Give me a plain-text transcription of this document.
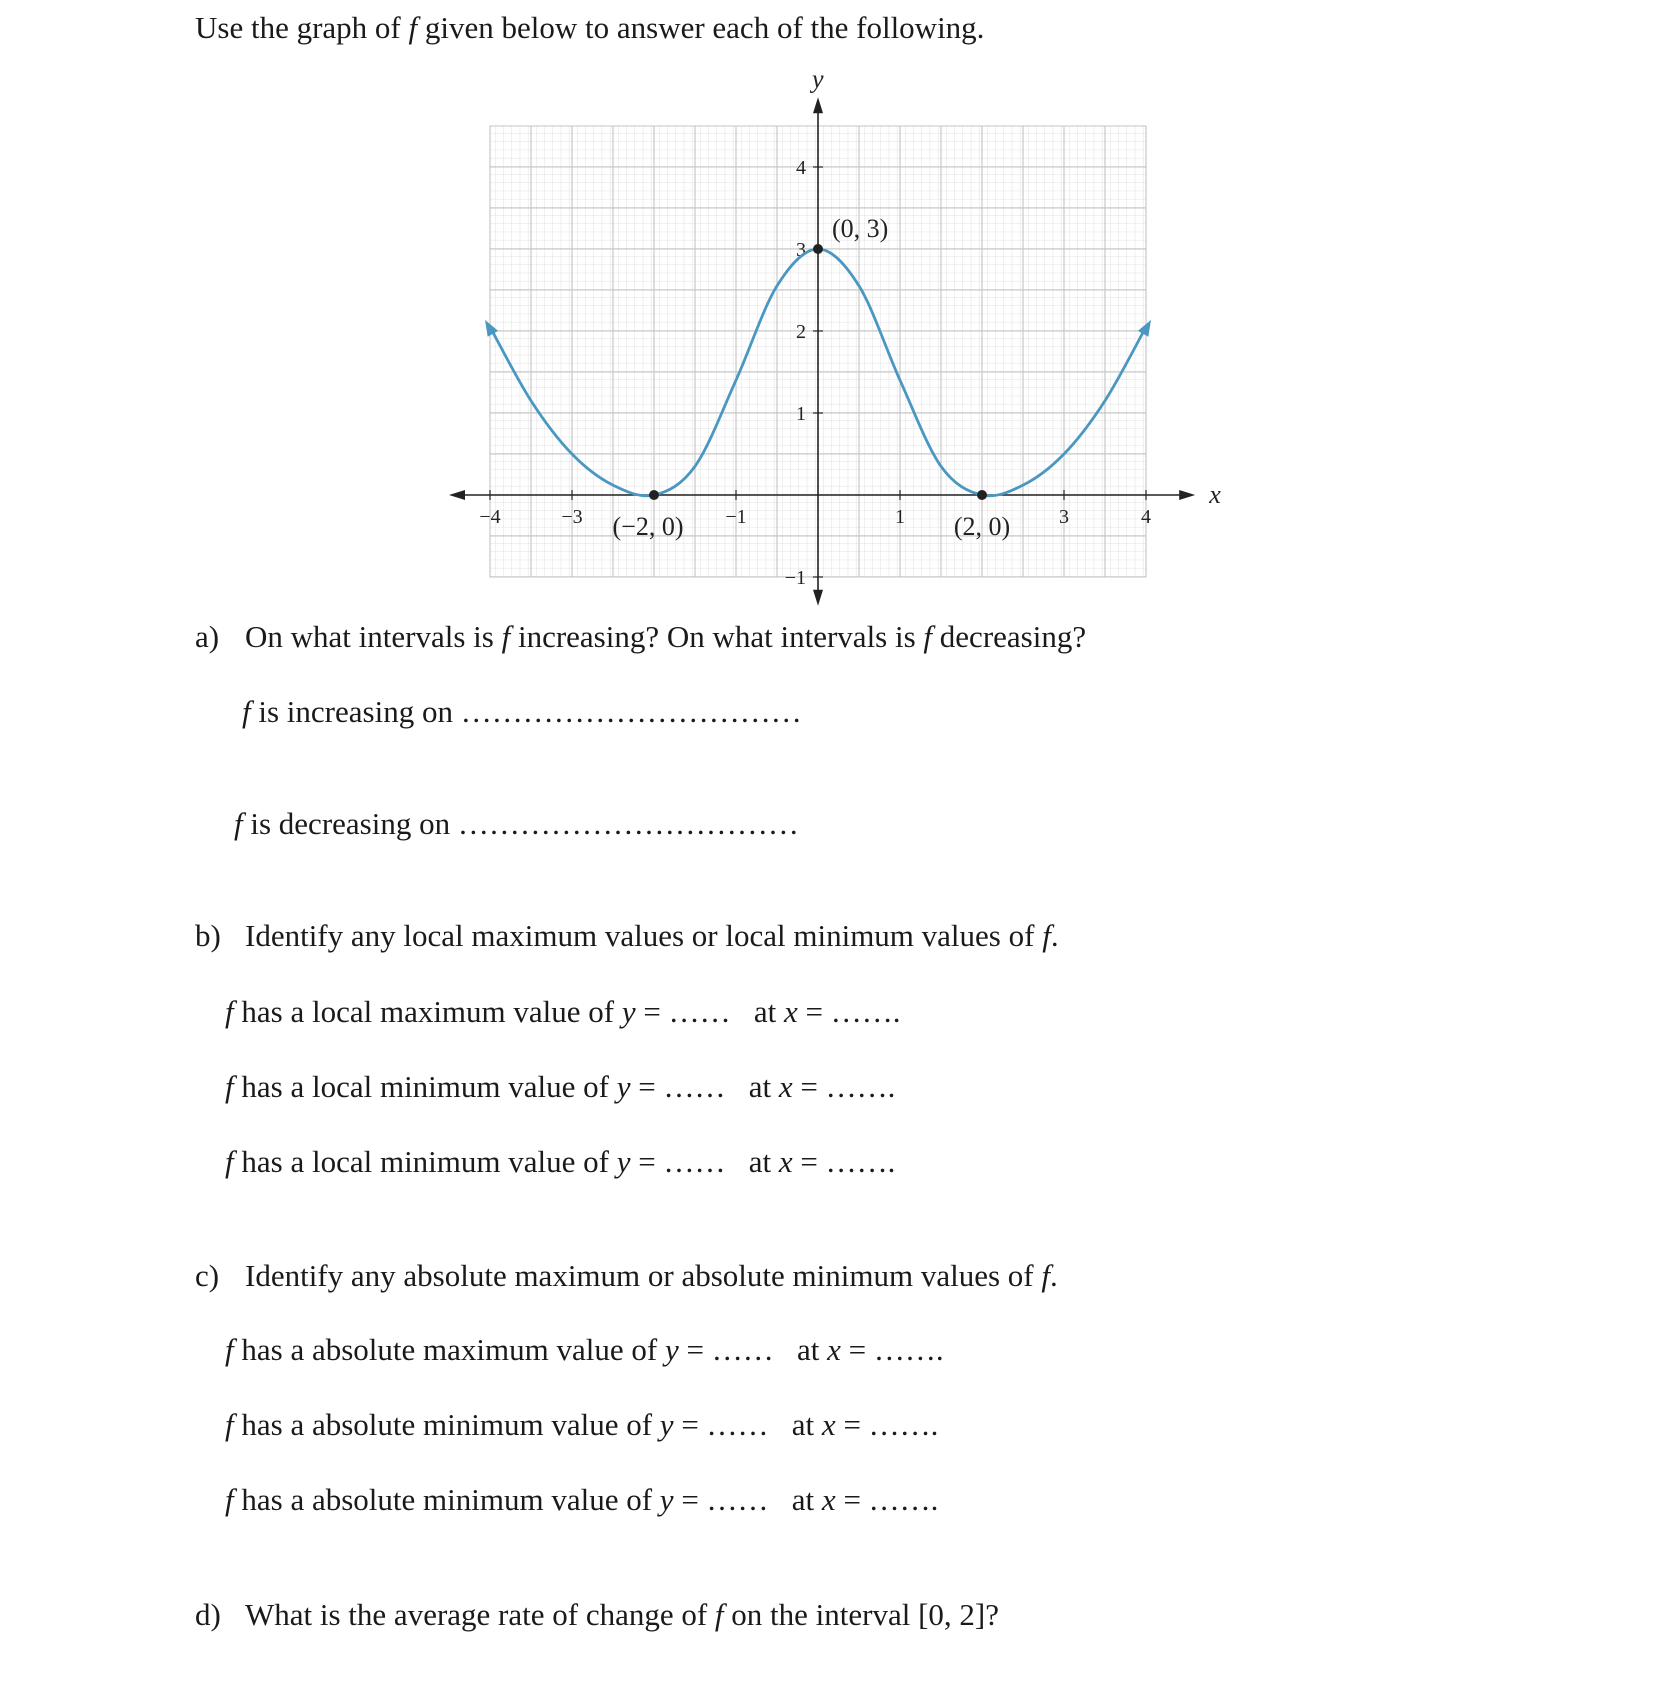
Use the graph of f given below to answer each of the following.
x
y
−4	−3	−1	1	3	4
−1
1
2
3
4
(0, 3)
(−2, 0)	(2, 0)
a) On what intervals is f increasing? On what intervals is f decreasing?
f is increasing on ……………………………
f is decreasing on ……………………………
b) Identify any local maximum values or local minimum values of f.
f has a local maximum value of y = …… at x = …….
f has a local minimum value of y = …… at x = …….
f has a local minimum value of y = …… at x = …….
c) Identify any absolute maximum or absolute minimum values of f.
f has a absolute maximum value of y = …… at x = …….
f has a absolute minimum value of y = …… at x = …….
f has a absolute minimum value of y = …… at x = …….
d) What is the average rate of change of f on the interval [0, 2]?
